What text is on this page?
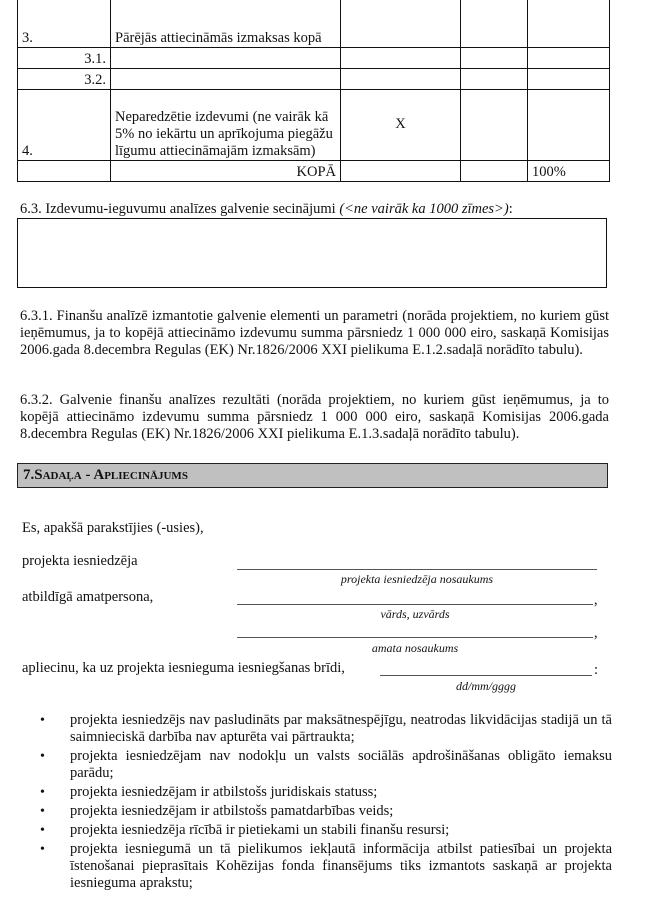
3.	Pārējās attiecināmās izmaksas kopā			
3.1.				
3.2.				
4.	Neparedzētie izdevumi (ne vairāk kā 5% no iekārtu un aprīkojuma piegāžu līgumu attiecināmajām izmaksām)	X		
	KOPĀ			100%
6.3. Izdevumu-ieguvumu analīzes galvenie secinājumi (<ne vairāk ka 1000 zīmes>):
6.3.1. Finanšu analīzē izmantotie galvenie elementi un parametri (norāda projektiem, no kuriem gūst ieņēmumus, ja to kopējā attiecināmo izdevumu summa pārsniedz 1 000 000 eiro, saskaņā Komisijas 2006.gada 8.decembra Regulas (EK) Nr.1826/2006 XXI pielikuma E.1.2.sadaļā norādīto tabulu).
6.3.2. Galvenie finanšu analīzes rezultāti (norāda projektiem, no kuriem gūst ieņēmumus, ja to kopējā attiecināmo izdevumu summa pārsniedz 1 000 000 eiro, saskaņā Komisijas 2006.gada 8.decembra Regulas (EK) Nr.1826/2006 XXI pielikuma E.1.3.sadaļā norādīto tabulu).
7.Sadaļa - Apliecinājums
Es, apakšā parakstījies (-usies),
projekta iesniedzēja
projekta iesniedzēja nosaukums
atbildīgā amatpersona,	,
vārds, uzvārds
,
amata nosaukums
apliecinu, ka uz projekta iesnieguma iesniegšanas brīdi,	:
dd/mm/gggg
• projekta iesniedzējs nav pasludināts par maksātnespējīgu, neatrodas likvidācijas stadijā un tā saimnieciskā darbība nav apturēta vai pārtraukta;
• projekta iesniedzējam nav nodokļu un valsts sociālās apdrošināšanas obligāto iemaksu parādu;
• projekta iesniedzējam ir atbilstošs juridiskais statuss;
• projekta iesniedzējam ir atbilstošs pamatdarbības veids;
• projekta iesniedzēja rīcībā ir pietiekami un stabili finanšu resursi;
• projekta iesniegumā un tā pielikumos iekļautā informācija atbilst patiesībai un projekta īstenošanai pieprasītais Kohēzijas fonda finansējums tiks izmantots saskaņā ar projekta iesnieguma aprakstu;
